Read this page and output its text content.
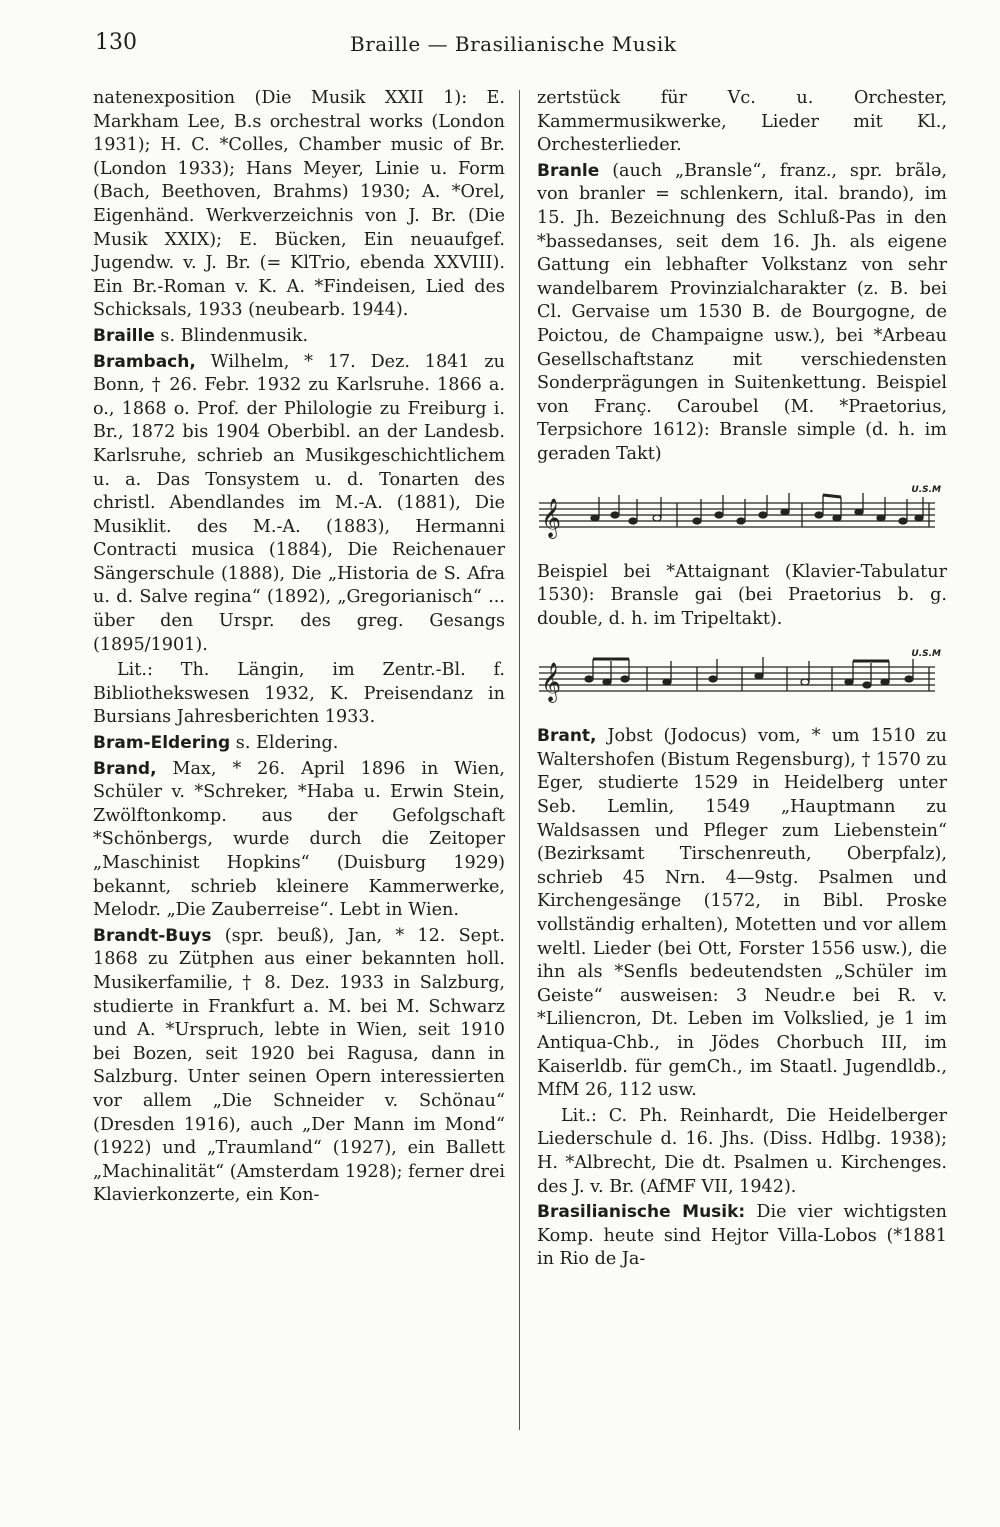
130	Braille — Brasilianische Musik

natenexposition (Die Musik XXII 1): E. Markham Lee, B.s orchestral works (London 1931); H. C. *Colles, Chamber music of Br. (London 1933); Hans Meyer, Linie u. Form (Bach, Beethoven, Brahms) 1930; A. *Orel, Eigenhänd. Werkverzeichnis von J. Br. (Die Musik XXIX); E. Bücken, Ein neuaufgef. Jugendw. v. J. Br. (= KlTrio, ebenda XXVIII). Ein Br.-Roman v. K. A. *Findeisen, Lied des Schicksals, 1933 (neubearb. 1944).

Braille s. Blindenmusik.

Brambach, Wilhelm, * 17. Dez. 1841 zu Bonn, † 26. Febr. 1932 zu Karlsruhe. 1866 a. o., 1868 o. Prof. der Philologie zu Freiburg i. Br., 1872 bis 1904 Oberbibl. an der Landesb. Karlsruhe, schrieb an Musikgeschichtlichem u. a. Das Tonsystem u. d. Tonarten des christl. Abendlandes im M.-A. (1881), Die Musiklit. des M.-A. (1883), Hermanni Contracti musica (1884), Die Reichenauer Sängerschule (1888), Die „Historia de S. Afra u. d. Salve regina“ (1892), „Gregorianisch“ ... über den Urspr. des greg. Gesangs (1895/1901).

Lit.: Th. Längin, im Zentr.-Bl. f. Bibliothekswesen 1932, K. Preisendanz in Bursians Jahresberichten 1933.

Bram-Eldering s. Eldering.

Brand, Max, * 26. April 1896 in Wien, Schüler v. *Schreker, *Haba u. Erwin Stein, Zwölftonkomp. aus der Gefolgschaft *Schönbergs, wurde durch die Zeitoper „Maschinist Hopkins“ (Duisburg 1929) bekannt, schrieb kleinere Kammerwerke, Melodr. „Die Zauberreise“. Lebt in Wien.

Brandt-Buys (spr. beuß), Jan, * 12. Sept. 1868 zu Zütphen aus einer bekannten holl. Musikerfamilie, † 8. Dez. 1933 in Salzburg, studierte in Frankfurt a. M. bei M. Schwarz und A. *Urspruch, lebte in Wien, seit 1910 bei Bozen, seit 1920 bei Ragusa, dann in Salzburg. Unter seinen Opern interessierten vor allem „Die Schneider v. Schönau“ (Dresden 1916), auch „Der Mann im Mond“ (1922) und „Traumland“ (1927), ein Ballett „Machinalität“ (Amsterdam 1928); ferner drei Klavierkonzerte, ein Kon-

zertstück für Vc. u. Orchester, Kammermusikwerke, Lieder mit Kl., Orchesterlieder.

Branle (auch „Bransle“, franz., spr. brãlə, von branler = schlenkern, ital. brando), im 15. Jh. Bezeichnung des Schluß-Pas in den *bassedanses, seit dem 16. Jh. als eigene Gattung ein lebhafter Volkstanz von sehr wandelbarem Provinzialcharakter (z. B. bei Cl. Gervaise um 1530 B. de Bourgogne, de Poictou, de Champaigne usw.), bei *Arbeau Gesellschaftstanz mit verschiedensten Sonderprägungen in Suitenkettung. Beispiel von Franç. Caroubel (M. *Praetorius, Terpsichore 1612): Bransle simple (d. h. im geraden Takt)

U.S.M
𝄞

Beispiel bei *Attaignant (Klavier-Tabulatur 1530): Bransle gai (bei Praetorius b. g. double, d. h. im Tripeltakt).

U.S.M
𝄞

Brant, Jobst (Jodocus) vom, * um 1510 zu Waltershofen (Bistum Regensburg), † 1570 zu Eger, studierte 1529 in Heidelberg unter Seb. Lemlin, 1549 „Hauptmann zu Waldsassen und Pfleger zum Liebenstein“ (Bezirksamt Tirschenreuth, Oberpfalz), schrieb 45 Nrn. 4—9stg. Psalmen und Kirchengesänge (1572, in Bibl. Proske vollständig erhalten), Motetten und vor allem weltl. Lieder (bei Ott, Forster 1556 usw.), die ihn als *Senfls bedeutendsten „Schüler im Geiste“ ausweisen: 3 Neudr.e bei R. v. *Liliencron, Dt. Leben im Volkslied, je 1 im Antiqua-Chb., in Jödes Chorbuch III, im Kaiserldb. für gemCh., im Staatl. Jugendldb., MfM 26, 112 usw.

Lit.: C. Ph. Reinhardt, Die Heidelberger Liederschule d. 16. Jhs. (Diss. Hdlbg. 1938); H. *Albrecht, Die dt. Psalmen u. Kirchenges. des J. v. Br. (AfMF VII, 1942).

Brasilianische Musik: Die vier wichtigsten Komp. heute sind Hejtor Villa-Lobos (*1881 in Rio de Ja-
